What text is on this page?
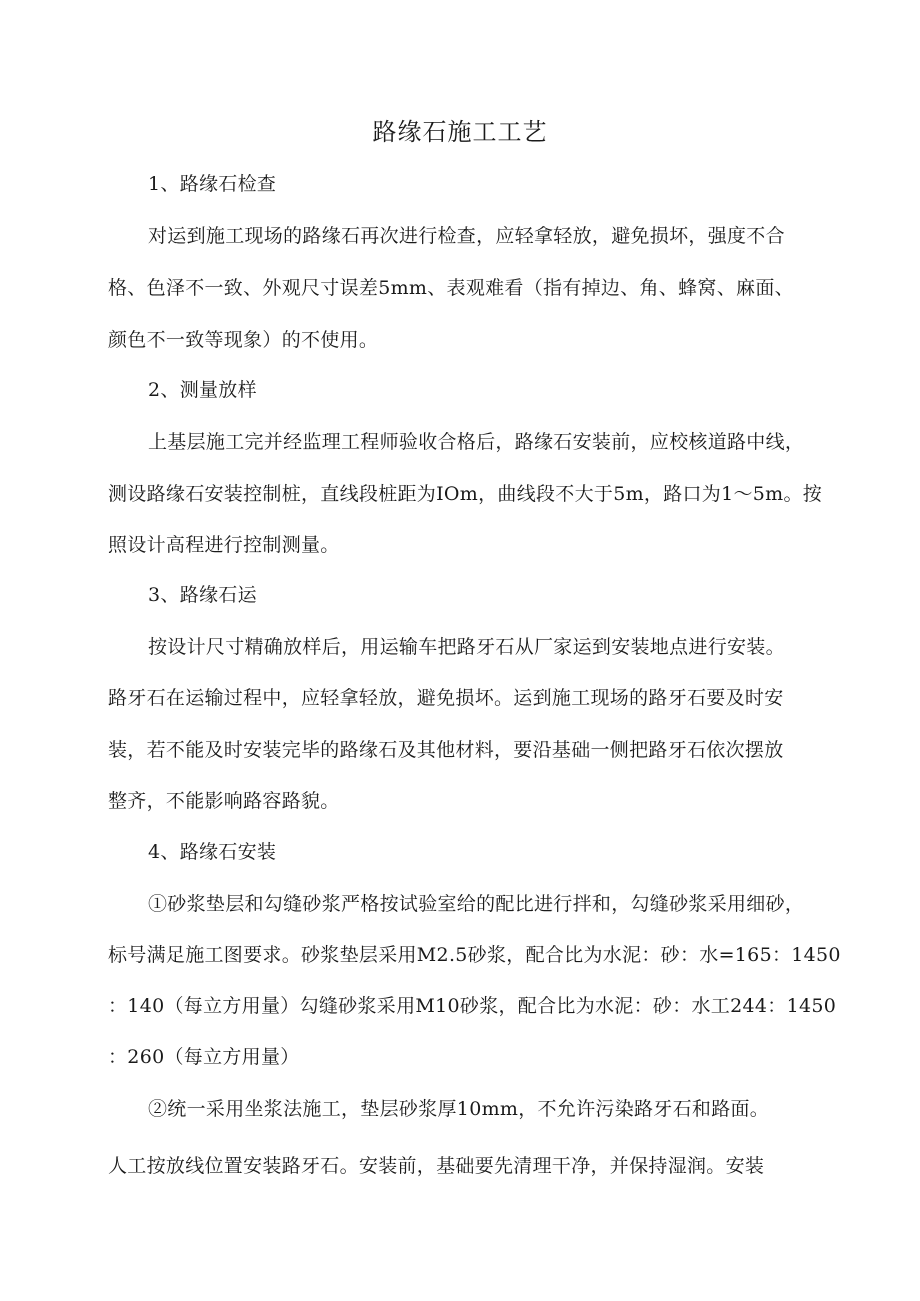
路缘石施工工艺
1、路缘石检查
对运到施工现场的路缘石再次进行检查，应轻拿轻放，避免损坏，强度不合
格、色泽不一致、外观尺寸误差5mm、表观难看（指有掉边、角、蜂窝、麻面、
颜色不一致等现象）的不使用。
2、测量放样
上基层施工完并经监理工程师验收合格后，路缘石安装前，应校核道路中线，
测设路缘石安装控制桩，直线段桩距为IOm，曲线段不大于5m，路口为1～5m。按
照设计高程进行控制测量。
3、路缘石运
按设计尺寸精确放样后，用运输车把路牙石从厂家运到安装地点进行安装。
路牙石在运输过程中，应轻拿轻放，避免损坏。运到施工现场的路牙石要及时安
装，若不能及时安装完毕的路缘石及其他材料，要沿基础一侧把路牙石依次摆放
整齐，不能影响路容路貌。
4、路缘石安装
①砂浆垫层和勾缝砂浆严格按试验室给的配比进行拌和，勾缝砂浆采用细砂，
标号满足施工图要求。砂浆垫层采用M2.5砂浆，配合比为水泥：砂：水=165：1450
：140（每立方用量）勾缝砂浆采用M10砂浆，配合比为水泥：砂：水工244：1450
：260（每立方用量）
②统一采用坐浆法施工，垫层砂浆厚10mm，不允许污染路牙石和路面。
人工按放线位置安装路牙石。安装前，基础要先清理干净，并保持湿润。安装
